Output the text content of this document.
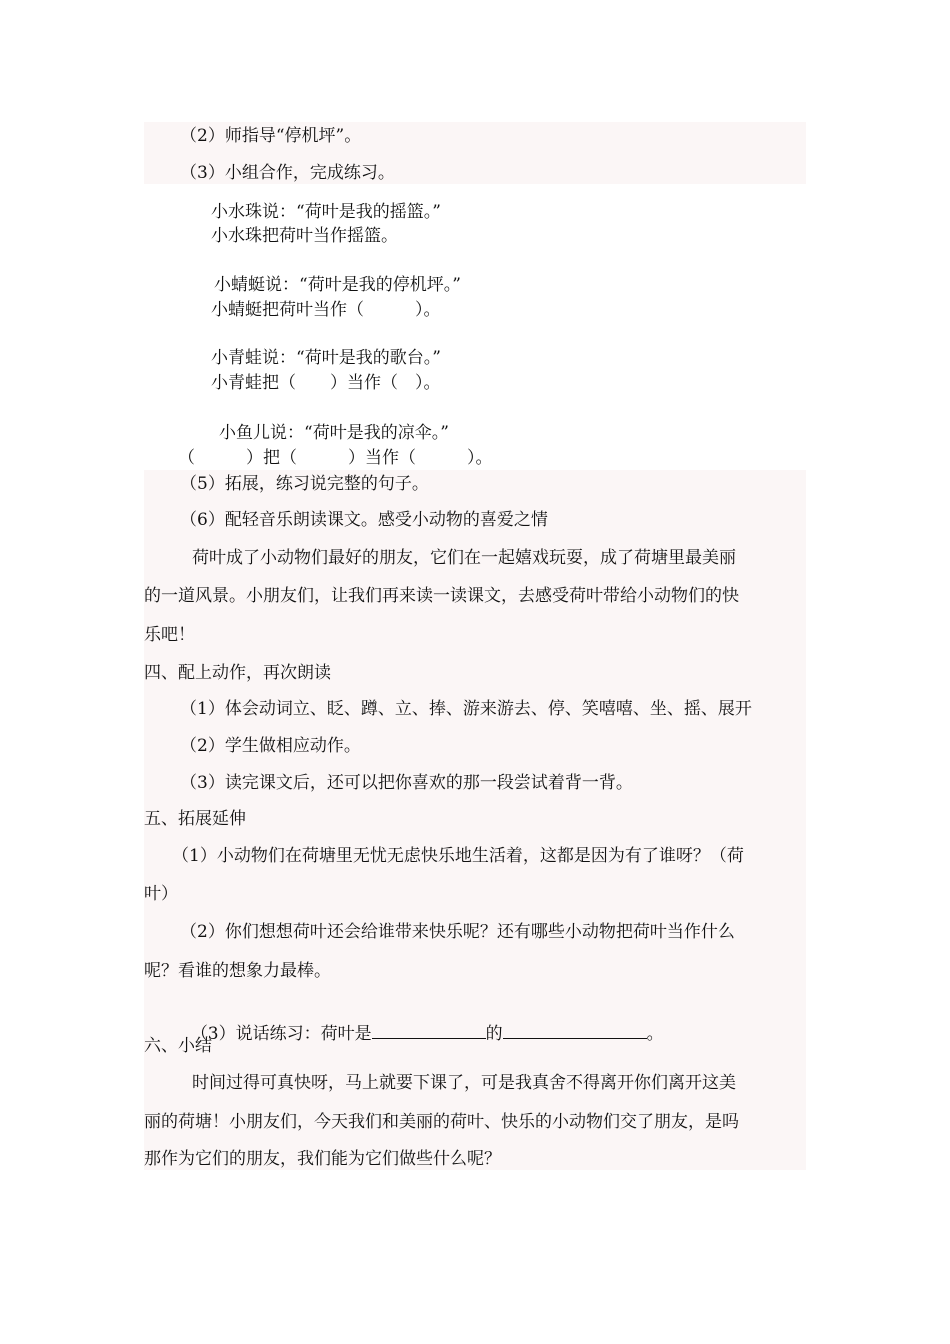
（2）师指导“停机坪”。
（3）小组合作，完成练习。
小水珠说：“荷叶是我的摇篮。”
小水珠把荷叶当作摇篮。
小蜻蜓说：“荷叶是我的停机坪。”
小蜻蜓把荷叶当作（　　　）。
小青蛙说：“荷叶是我的歌台。”
小青蛙把（　　）当作（　）。
小鱼儿说：“荷叶是我的凉伞。”
（　　　）把（　　　）当作（　　　）。
（5）拓展，练习说完整的句子。
（6）配轻音乐朗读课文。感受小动物的喜爱之情
荷叶成了小动物们最好的朋友，它们在一起嬉戏玩耍，成了荷塘里最美丽
的一道风景。小朋友们，让我们再来读一读课文，去感受荷叶带给小动物们的快
乐吧！
四、配上动作，再次朗读
（1）体会动词立、眨、蹲、立、捧、游来游去、停、笑嘻嘻、坐、摇、展开
（2）学生做相应动作。
（3）读完课文后，还可以把你喜欢的那一段尝试着背一背。
五、拓展延伸
（1）小动物们在荷塘里无忧无虑快乐地生活着，这都是因为有了谁呀？（荷
叶）
（2）你们想想荷叶还会给谁带来快乐呢？还有哪些小动物把荷叶当作什么
呢？看谁的想象力最棒。

（3）说话练习：荷叶是	的	。

六、小结
时间过得可真快呀，马上就要下课了，可是我真舍不得离开你们离开这美
丽的荷塘！小朋友们，今天我们和美丽的荷叶、快乐的小动物们交了朋友，是吗
那作为它们的朋友，我们能为它们做些什么呢？
